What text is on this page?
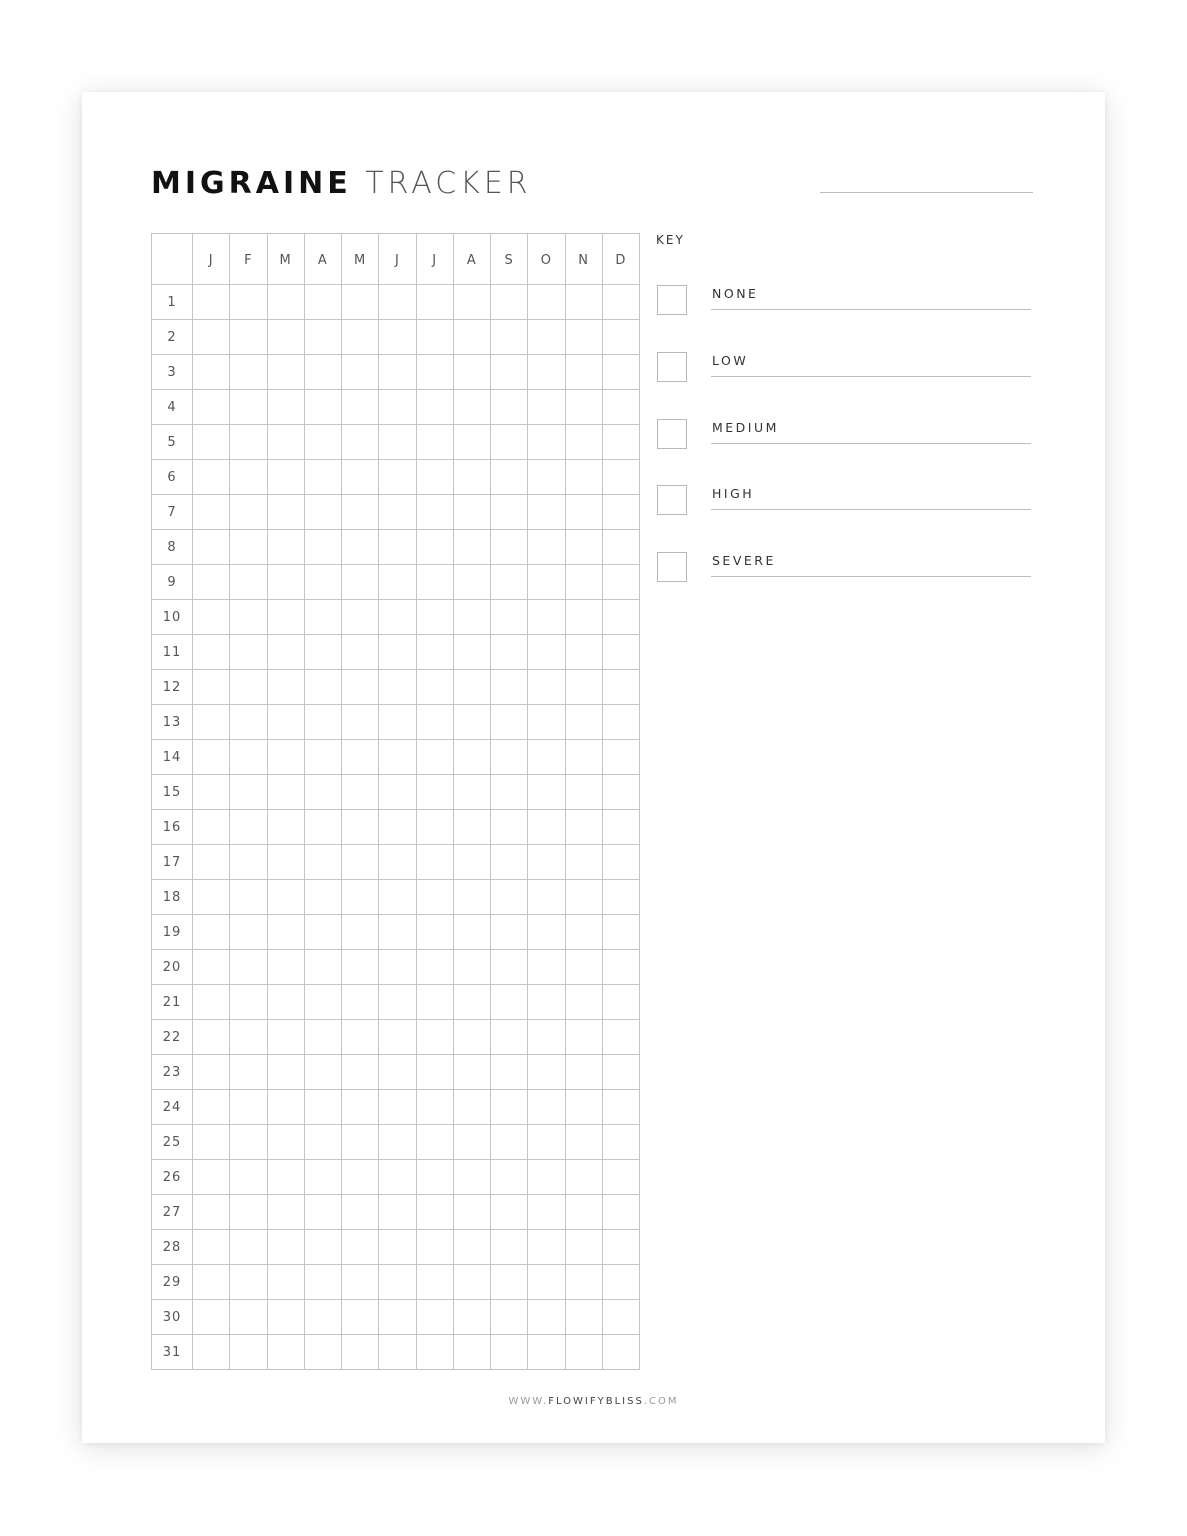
MIGRAINE TRACKER
	J	F	M	A	M	J	J	A	S	O	N	D
1												
2												
3												
4												
5												
6												
7												
8												
9												
10												
11												
12												
13												
14												
15												
16												
17												
18												
19												
20												
21												
22												
23												
24												
25												
26												
27												
28												
29												
30												
31												
KEY
NONE
LOW
MEDIUM
HIGH
SEVERE
WWW.FLOWIFYBLISS.COM
